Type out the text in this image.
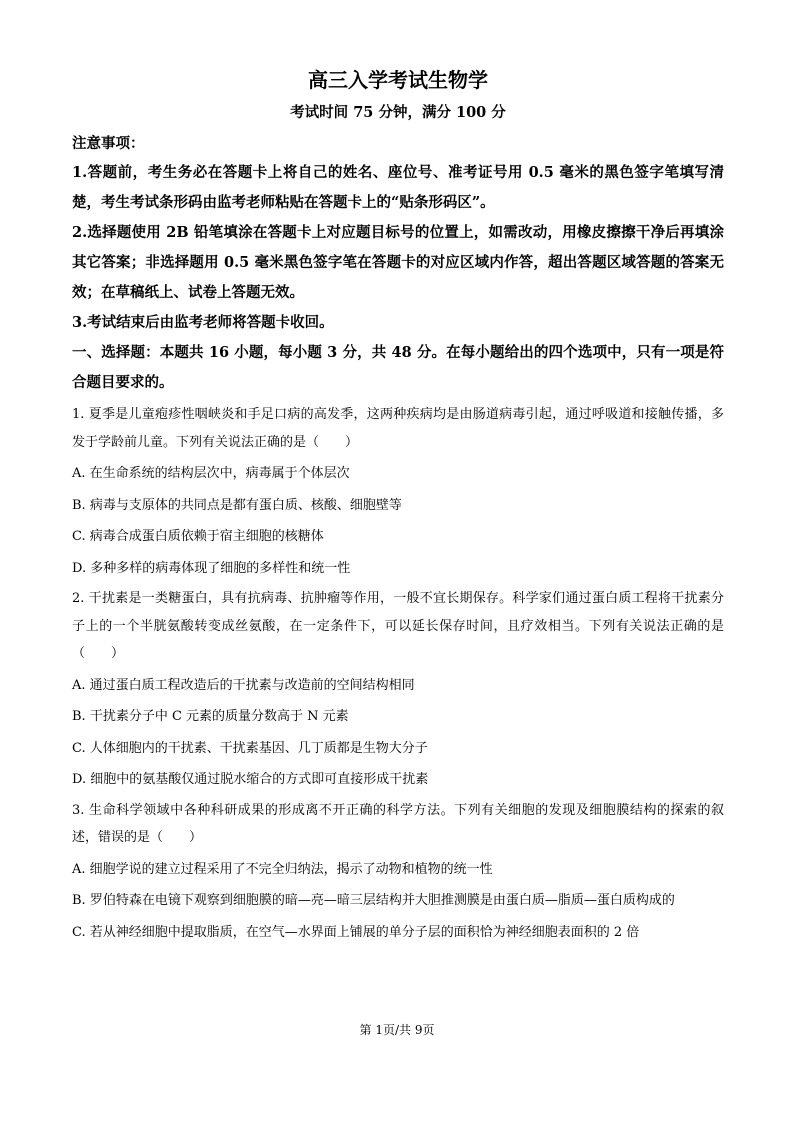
高三入学考试生物学

考试时间 75 分钟，满分 100 分

注意事项：

1.答题前，考生务必在答题卡上将自己的姓名、座位号、准考证号用 0.5 毫米的黑色签字笔填写清楚，考生考试条形码由监考老师粘贴在答题卡上的“贴条形码区”。

2.选择题使用 2B 铅笔填涂在答题卡上对应题目标号的位置上，如需改动，用橡皮擦擦干净后再填涂其它答案；非选择题用 0.5 毫米黑色签字笔在答题卡的对应区域内作答，超出答题区域答题的答案无效；在草稿纸上、试卷上答题无效。

3.考试结束后由监考老师将答题卡收回。

一、选择题：本题共 16 小题，每小题 3 分，共 48 分。在每小题给出的四个选项中，只有一项是符合题目要求的。

1. 夏季是儿童疱疹性咽峡炎和手足口病的高发季，这两种疾病均是由肠道病毒引起，通过呼吸道和接触传播，多发于学龄前儿童。下列有关说法正确的是（　　）

A. 在生命系统的结构层次中，病毒属于个体层次

B. 病毒与支原体的共同点是都有蛋白质、核酸、细胞壁等

C. 病毒合成蛋白质依赖于宿主细胞的核糖体

D. 多种多样的病毒体现了细胞的多样性和统一性

2. 干扰素是一类糖蛋白，具有抗病毒、抗肿瘤等作用，一般不宜长期保存。科学家们通过蛋白质工程将干扰素分子上的一个半胱氨酸转变成丝氨酸，在一定条件下，可以延长保存时间，且疗效相当。下列有关说法正确的是（　　）

A. 通过蛋白质工程改造后的干扰素与改造前的空间结构相同

B. 干扰素分子中 C 元素的质量分数高于 N 元素

C. 人体细胞内的干扰素、干扰素基因、几丁质都是生物大分子

D. 细胞中的氨基酸仅通过脱水缩合的方式即可直接形成干扰素

3. 生命科学领域中各种科研成果的形成离不开正确的科学方法。下列有关细胞的发现及细胞膜结构的探索的叙述，错误的是（　　）

A. 细胞学说的建立过程采用了不完全归纳法，揭示了动物和植物的统一性

B. 罗伯特森在电镜下观察到细胞膜的暗—亮—暗三层结构并大胆推测膜是由蛋白质—脂质—蛋白质构成的

C. 若从神经细胞中提取脂质，在空气—水界面上铺展的单分子层的面积恰为神经细胞表面积的 2 倍

第 1页/共 9页
